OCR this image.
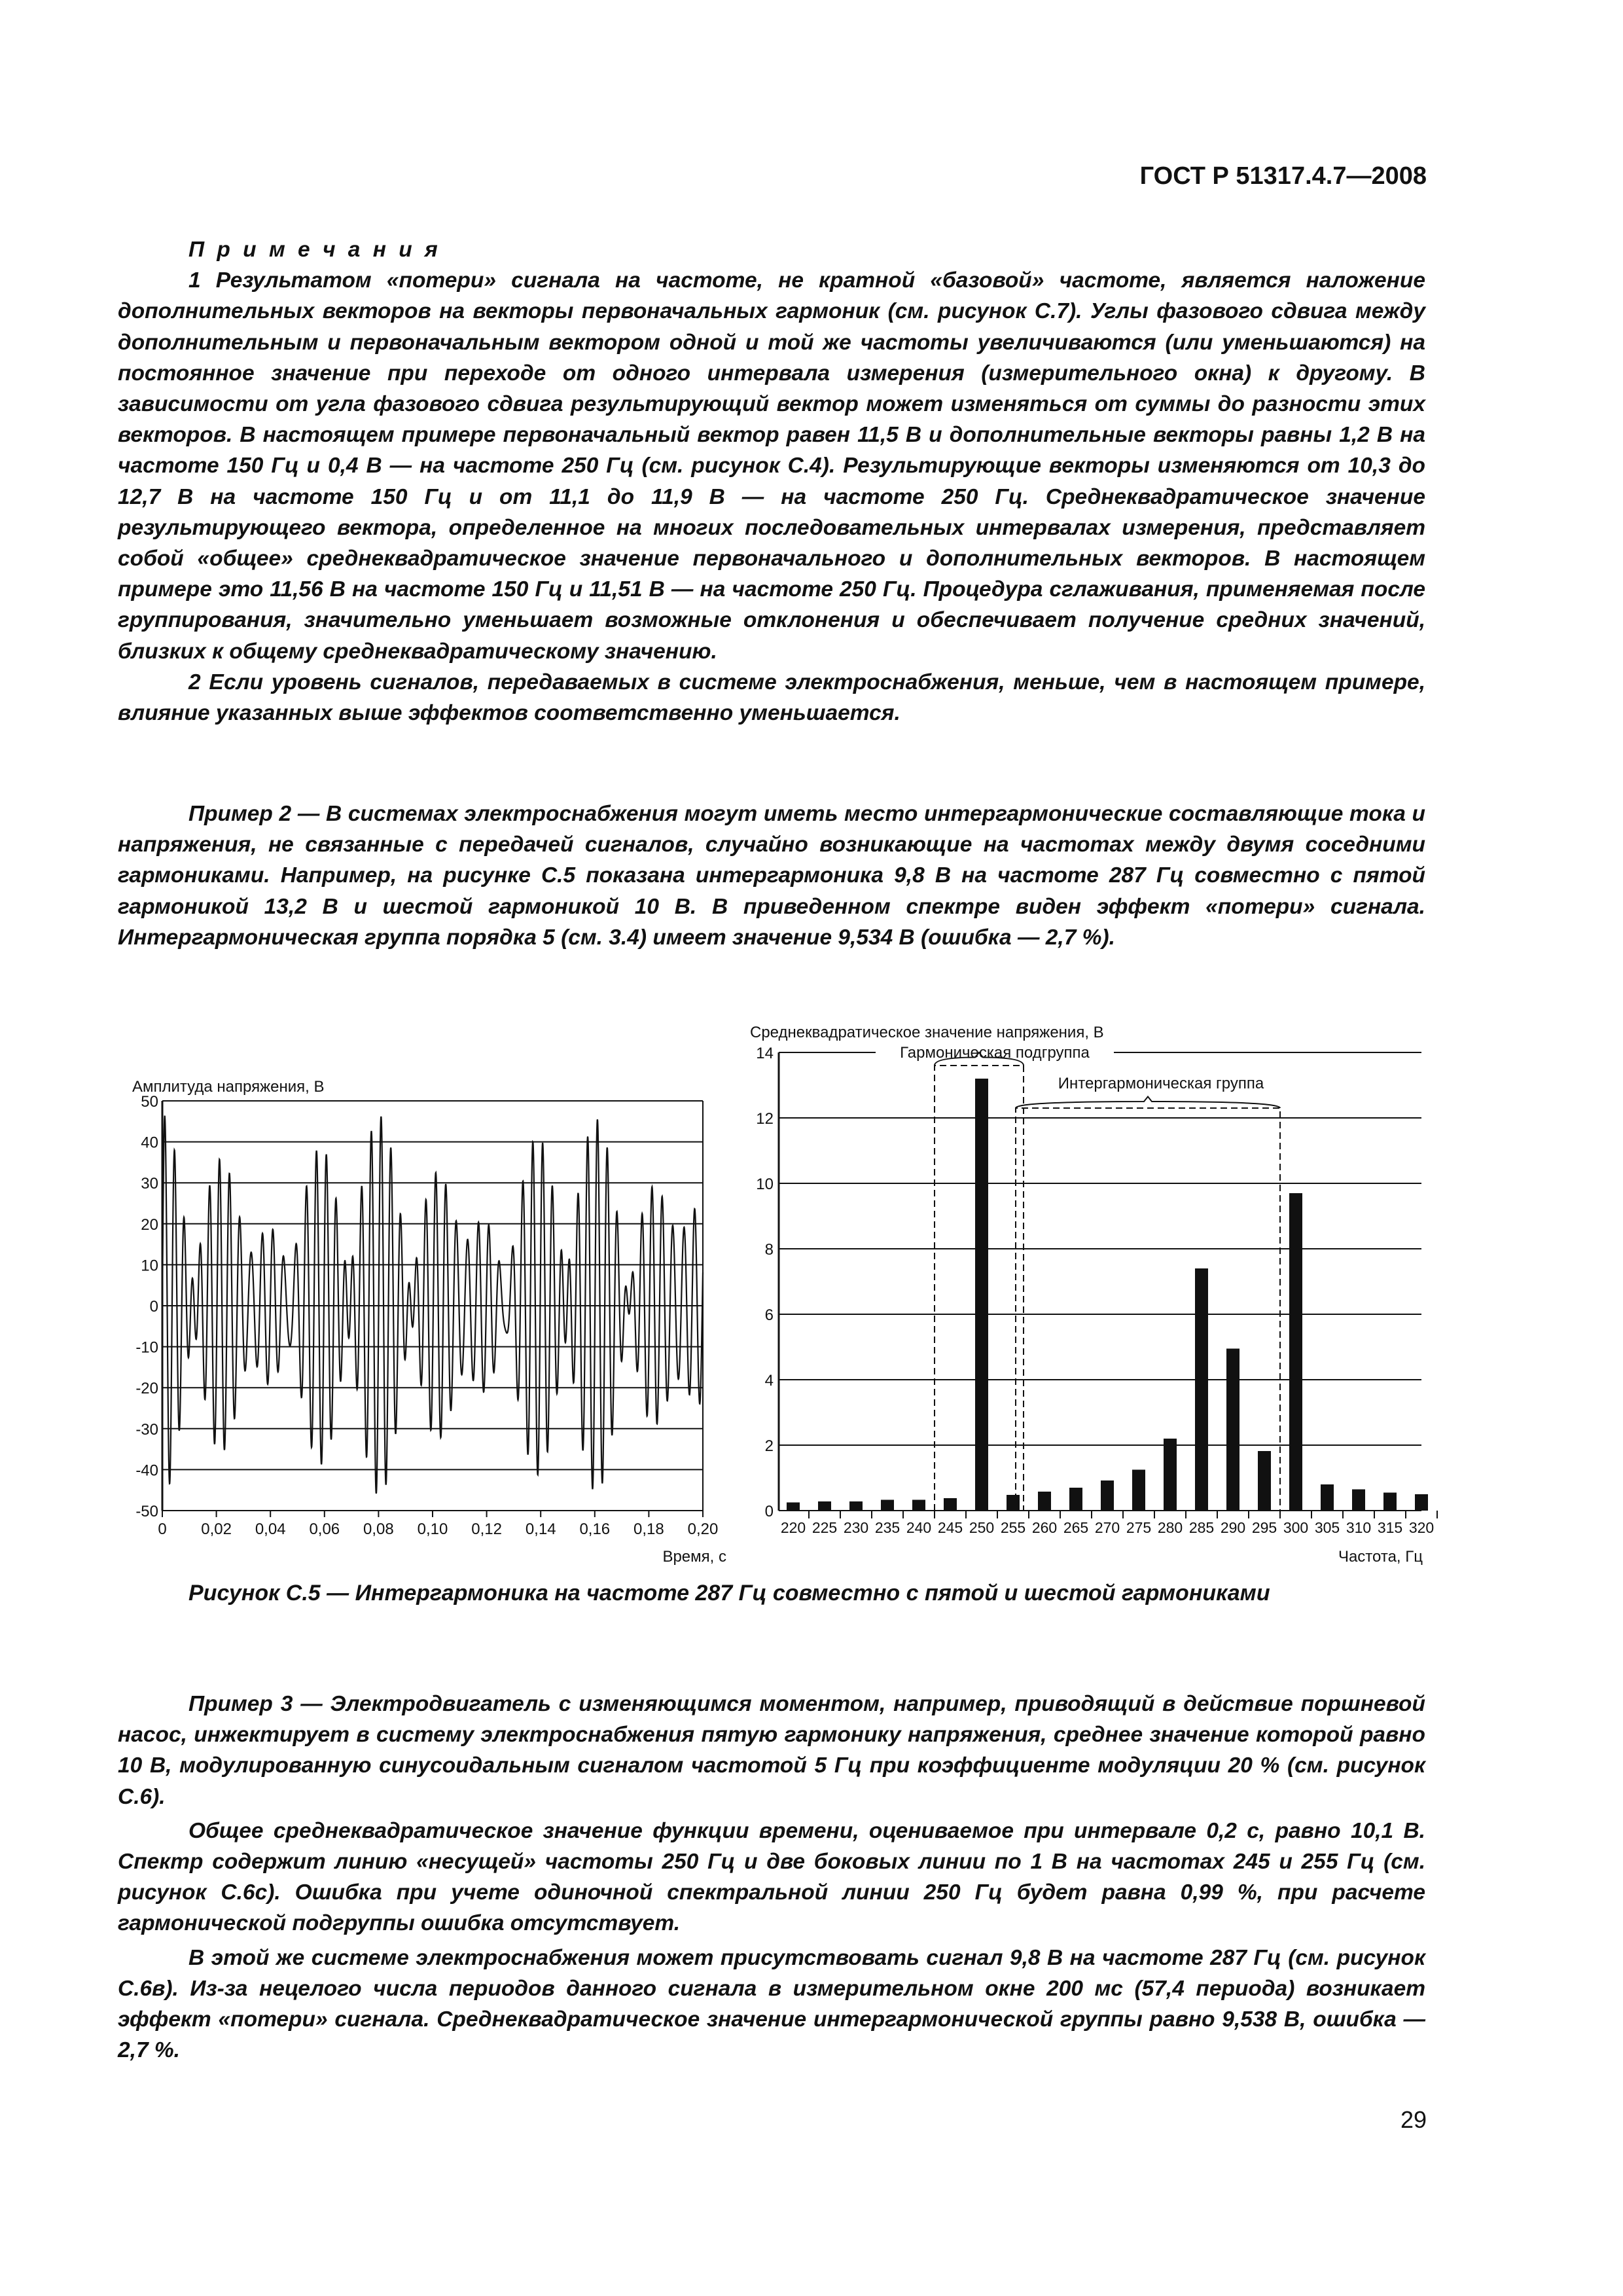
ГОСТ Р 51317.4.7—2008

П р и м е ч а н и я

1 Результатом «потери» сигнала на частоте, не кратной «базовой» частоте, является наложение дополнительных векторов на векторы первоначальных гармоник (см. рисунок С.7). Углы фазового сдвига между дополнительным и первоначальным вектором одной и той же частоты увеличиваются (или уменьшаются) на постоянное значение при переходе от одного интервала измерения (измерительного окна) к другому. В зависимости от угла фазового сдвига результирующий вектор может изменяться от суммы до разности этих векторов. В настоящем примере первоначальный вектор равен 11,5 В и дополнительные векторы равны 1,2 В на частоте 150 Гц и 0,4 В — на частоте 250 Гц (см. рисунок С.4). Результирующие векторы изменяются от 10,3 до 12,7 В на частоте 150 Гц и от 11,1 до 11,9 В — на частоте 250 Гц. Среднеквадратическое значение результирующего вектора, определенное на многих последовательных интервалах измерения, представляет собой «общее» среднеквадратическое значение первоначального и дополнительных векторов. В настоящем примере это 11,56 В на частоте 150 Гц и 11,51 В — на частоте 250 Гц. Процедура сглаживания, применяемая после группирования, значительно уменьшает возможные отклонения и обеспечивает получение средних значений, близких к общему среднеквадратическому значению.

2 Если уровень сигналов, передаваемых в системе электроснабжения, меньше, чем в настоящем примере, влияние указанных выше эффектов соответственно уменьшается.

Пример 2 — В системах электроснабжения могут иметь место интергармонические составляющие тока и напряжения, не связанные с передачей сигналов, случайно возникающие на частотах между двумя соседними гармониками. Например, на рисунке С.5 показана интергармоника 9,8 В на частоте 287 Гц совместно с пятой гармоникой 13,2 В и шестой гармоникой 10 В. В приведенном спектре виден эффект «потери» сигнала. Интергармоническая группа порядка 5 (см. 3.4) имеет значение 9,534 В (ошибка — 2,7 %).

Амплитуда напряжения, В
Время, с
50
40
30
20
10
0
-10
-20
-30
-40
-50
0 0,02 0,04 0,06 0,08 0,10 0,12 0,14 0,16 0,18 0,20
Среднеквадратическое значение напряжения, В
Частота, Гц
14
12
10
8
6
4
2
0
220 225 230 235 240 245 250 255 260 265 270 275 280 285 290 295 300 305 310 315 320
Гармоническая подгруппа
Интергармоническая группа

Рисунок С.5 — Интергармоника на частоте 287 Гц совместно с пятой и шестой гармониками

Пример 3 — Электродвигатель с изменяющимся моментом, например, приводящий в действие поршневой насос, инжектирует в систему электроснабжения пятую гармонику напряжения, среднее значение которой равно 10 В, модулированную синусоидальным сигналом частотой 5 Гц при коэффициенте модуляции 20 % (см. рисунок С.6).

Общее среднеквадратическое значение функции времени, оцениваемое при интервале 0,2 с, равно 10,1 В. Спектр содержит линию «несущей» частоты 250 Гц и две боковых линии по 1 В на частотах 245 и 255 Гц (см. рисунок С.6с). Ошибка при учете одиночной спектральной линии 250 Гц будет равна 0,99 %, при расчете гармонической подгруппы ошибка отсутствует.

В этой же системе электроснабжения может присутствовать сигнал 9,8 В на частоте 287 Гц (см. рисунок С.6в). Из-за нецелого числа периодов данного сигнала в измерительном окне 200 мс (57,4 периода) возникает эффект «потери» сигнала. Среднеквадратическое значение интергармонической группы равно 9,538 В, ошибка — 2,7 %.

29
